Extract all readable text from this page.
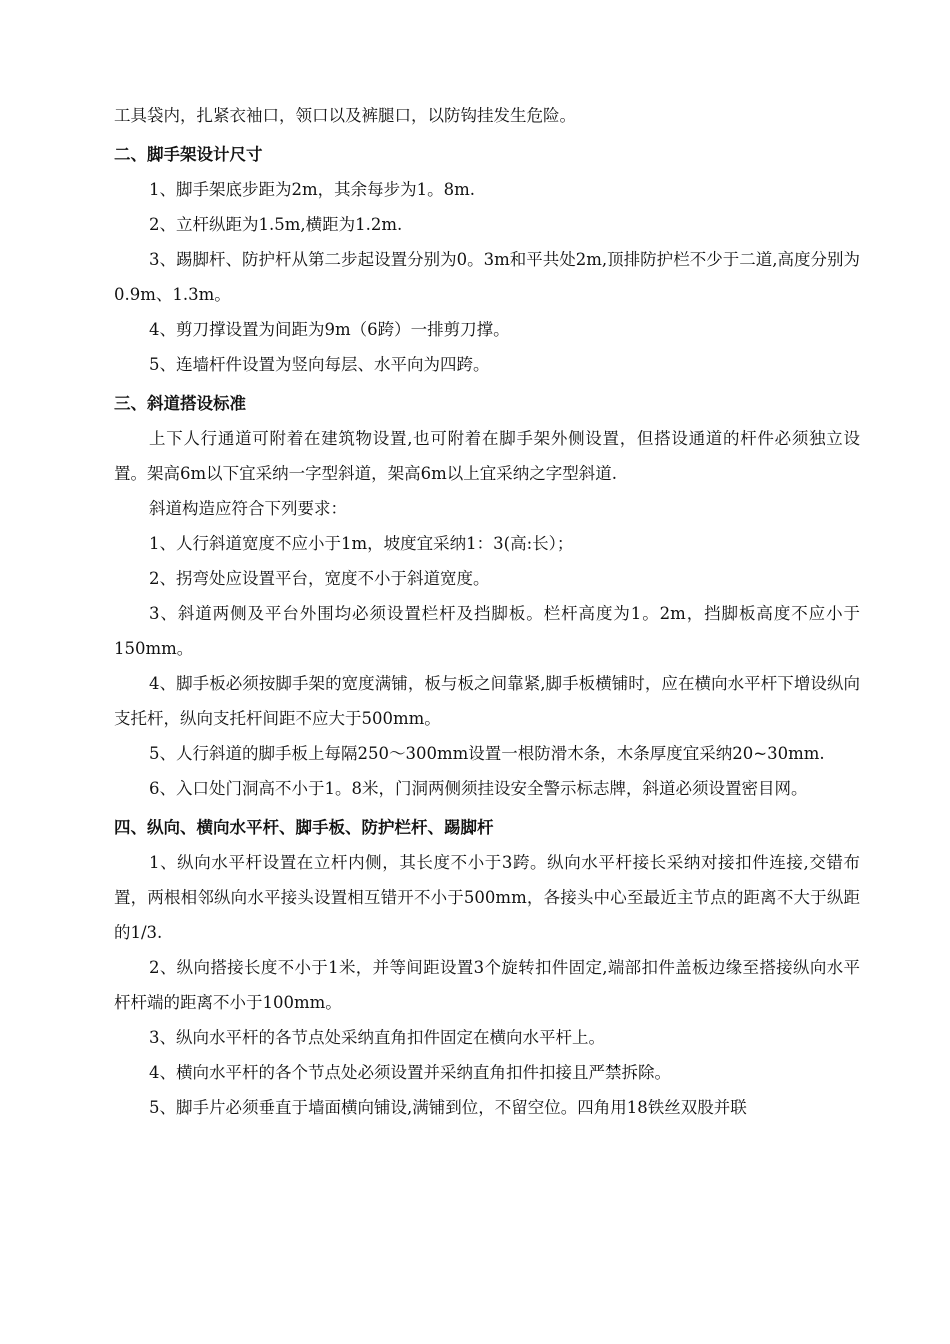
工具袋内，扎紧衣袖口，领口以及裤腿口，以防钩挂发生危险。

二、脚手架设计尺寸

1、脚手架底步距为2m，其余每步为1。8m.

2、立杆纵距为1.5m,横距为1.2m.

3、踢脚杆、防护杆从第二步起设置分别为0。3m和平共处2m,顶排防护栏不少于二道,高度分别为0.9m、1.3m。

4、剪刀撑设置为间距为9m（6跨）一排剪刀撑。

5、连墙杆件设置为竖向每层、水平向为四跨。

三、斜道搭设标准

上下人行通道可附着在建筑物设置,也可附着在脚手架外侧设置，但搭设通道的杆件必须独立设置。架高6m以下宜采纳一字型斜道，架高6m以上宜采纳之字型斜道.

斜道构造应符合下列要求：

1、人行斜道宽度不应小于1m，坡度宜采纳1：3(高:长）；

2、拐弯处应设置平台，宽度不小于斜道宽度。

3、斜道两侧及平台外围均必须设置栏杆及挡脚板。栏杆高度为1。2m，挡脚板高度不应小于150mm。

4、脚手板必须按脚手架的宽度满铺，板与板之间靠紧,脚手板横铺时，应在横向水平杆下增设纵向支托杆，纵向支托杆间距不应大于500mm。

5、人行斜道的脚手板上每隔250～300mm设置一根防滑木条，木条厚度宜采纳20~30mm.

6、入口处门洞高不小于1。8米，门洞两侧须挂设安全警示标志牌，斜道必须设置密目网。

四、纵向、横向水平杆、脚手板、防护栏杆、踢脚杆

1、纵向水平杆设置在立杆内侧，其长度不小于3跨。纵向水平杆接长采纳对接扣件连接,交错布置，两根相邻纵向水平接头设置相互错开不小于500mm，各接头中心至最近主节点的距离不大于纵距的1/3.

2、纵向搭接长度不小于1米，并等间距设置3个旋转扣件固定,端部扣件盖板边缘至搭接纵向水平杆杆端的距离不小于100mm。

3、纵向水平杆的各节点处采纳直角扣件固定在横向水平杆上。

4、横向水平杆的各个节点处必须设置并采纳直角扣件扣接且严禁拆除。

5、脚手片必须垂直于墙面横向铺设,满铺到位，不留空位。四角用18铁丝双股并联
